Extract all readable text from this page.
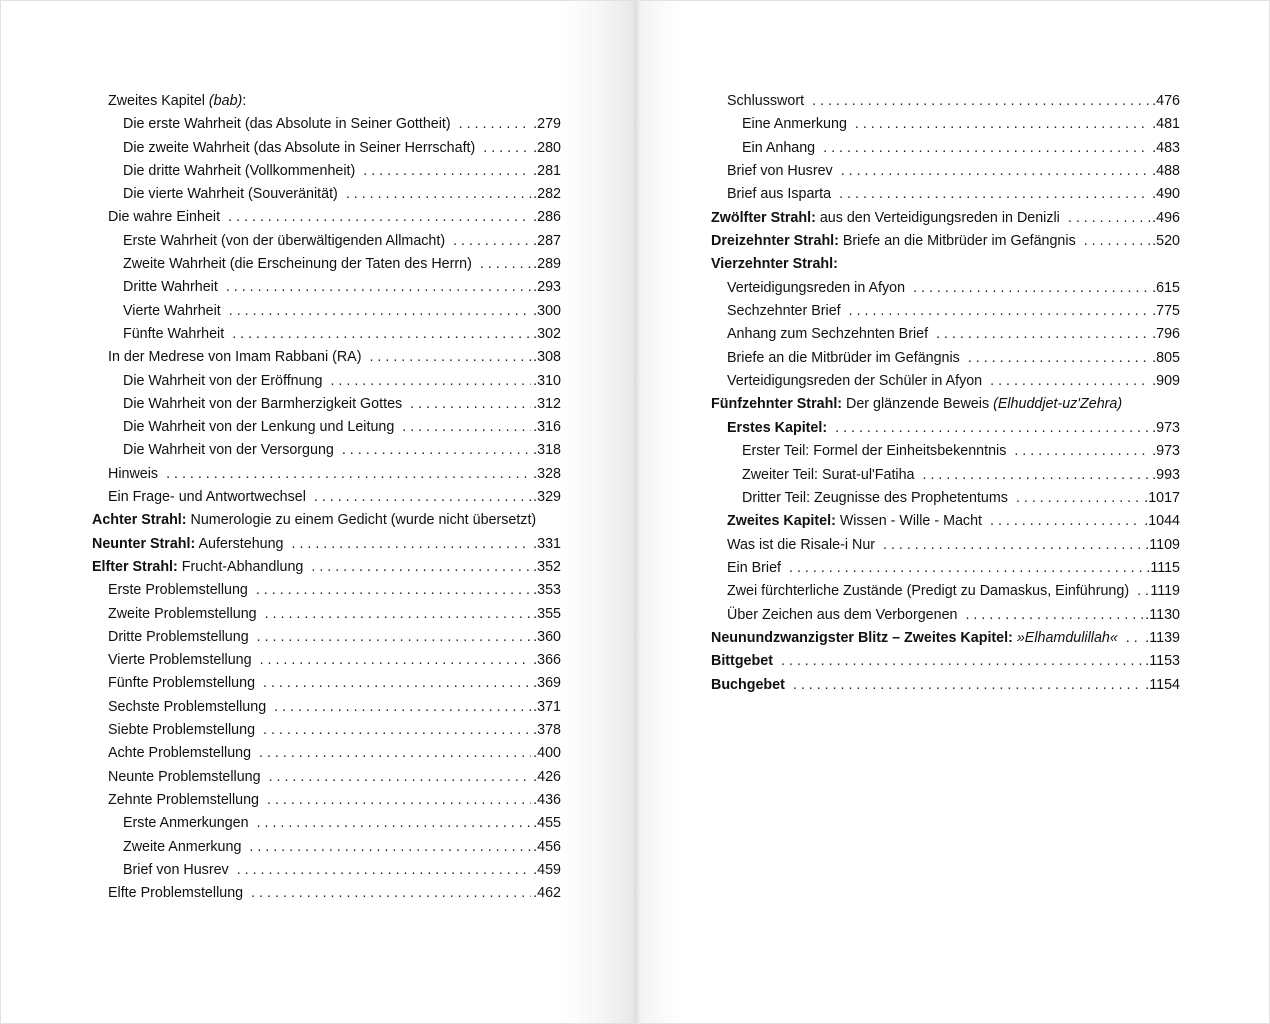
Zweites Kapitel (bab):
Die erste Wahrheit (das Absolute in Seiner Gottheit) . . .	.279
Die zweite Wahrheit (das Absolute in Seiner Herrschaft) . . .	.280
Die dritte Wahrheit (Vollkommenheit) . . .	.281
Die vierte Wahrheit (Souveränität) . . .	.282
Die wahre Einheit . . .	.286
Erste Wahrheit (von der überwältigenden Allmacht) . . .	.287
Zweite Wahrheit (die Erscheinung der Taten des Herrn) . . .	.289
Dritte Wahrheit . . .	.293
Vierte Wahrheit . . .	.300
Fünfte Wahrheit . . .	.302
In der Medrese von Imam Rabbani (RA) . . .	.308
Die Wahrheit von der Eröffnung . . .	.310
Die Wahrheit von der Barmherzigkeit Gottes . . .	.312
Die Wahrheit von der Lenkung und Leitung . . .	.316
Die Wahrheit von der Versorgung . . .	.318
Hinweis . . .	.328
Ein Frage- und Antwortwechsel . . .	.329
Achter Strahl: Numerologie zu einem Gedicht (wurde nicht übersetzt)
Neunter Strahl: Auferstehung . . .	.331
Elfter Strahl: Frucht-Abhandlung . . .	.352
Erste Problemstellung . . .	.353
Zweite Problemstellung . . .	.355
Dritte Problemstellung . . .	.360
Vierte Problemstellung . . .	.366
Fünfte Problemstellung . . .	.369
Sechste Problemstellung . . .	.371
Siebte Problemstellung . . .	.378
Achte Problemstellung . . .	.400
Neunte Problemstellung . . .	.426
Zehnte Problemstellung . . .	.436
Erste Anmerkungen . . .	.455
Zweite Anmerkung . . .	.456
Brief von Husrev . . .	.459
Elfte Problemstellung . . .	.462
Schlusswort . . .	.476
Eine Anmerkung . . .	.481
Ein Anhang . . .	.483
Brief von Husrev . . .	.488
Brief aus Isparta . . .	.490
Zwölfter Strahl: aus den Verteidigungsreden in Denizli . . .	.496
Dreizehnter Strahl: Briefe an die Mitbrüder im Gefängnis . . .	.520
Vierzehnter Strahl:
Verteidigungsreden in Afyon . . .	.615
Sechzehnter Brief . . .	.775
Anhang zum Sechzehnten Brief . . .	.796
Briefe an die Mitbrüder im Gefängnis . . .	.805
Verteidigungsreden der Schüler in Afyon . . .	.909
Fünfzehnter Strahl: Der glänzende Beweis (Elhuddjet-uz'Zehra)
Erstes Kapitel: . . .	.973
Erster Teil: Formel der Einheitsbekenntnis . . .	.973
Zweiter Teil: Surat-ul'Fatiha . . .	.993
Dritter Teil: Zeugnisse des Prophetentums . . .	.1017
Zweites Kapitel: Wissen - Wille - Macht . . .	.1044
Was ist die Risale-i Nur . . .	.1109
Ein Brief . . .	.1115
Zwei fürchterliche Zustände (Predigt zu Damaskus, Einführung) . . . 1119
Über Zeichen aus dem Verborgenen . . .	.1130
Neunundzwanzigster Blitz – Zweites Kapitel: »Elhamdulillah« . . . .1139
Bittgebet . . .	.1153
Buchgebet . . .	.1154
